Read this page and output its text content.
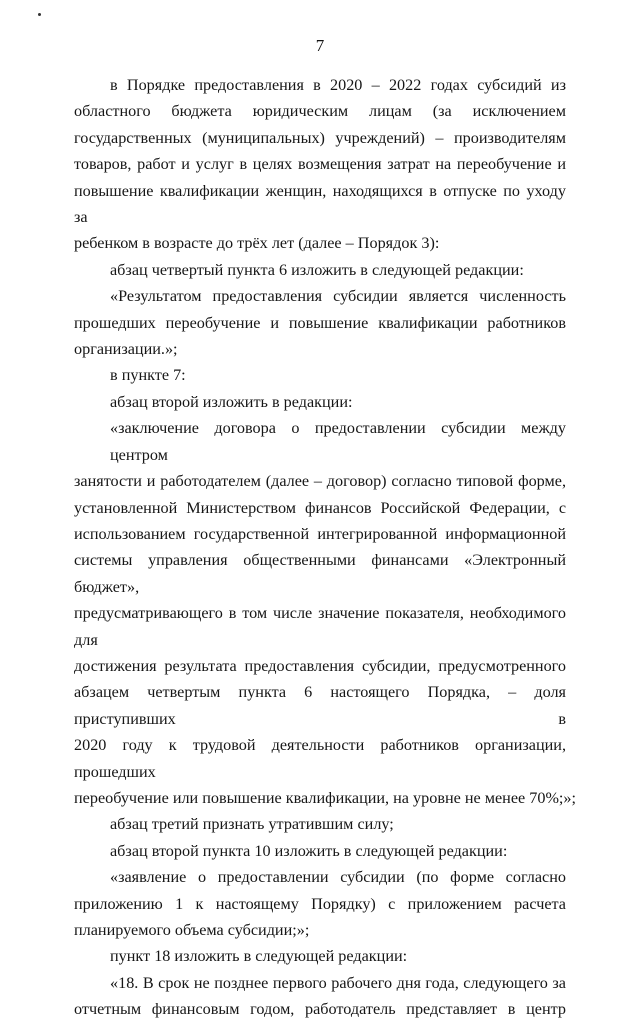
7
в Порядке предоставления в 2020 – 2022 годах субсидий из
областного бюджета юридическим лицам (за исключением
государственных (муниципальных) учреждений) – производителям
товаров, работ и услуг в целях возмещения затрат на переобучение и
повышение квалификации женщин, находящихся в отпуске по уходу за
ребенком в возрасте до трёх лет (далее – Порядок 3):
абзац четвертый пункта 6 изложить в следующей редакции:
«Результатом предоставления субсидии является численность
прошедших переобучение и повышение квалификации работников
организации.»;
в пункте 7:
абзац второй изложить в редакции:
«заключение договора о предоставлении субсидии между центром
занятости и работодателем (далее – договор) согласно типовой форме,
установленной Министерством финансов Российской Федерации, с
использованием государственной интегрированной информационной
системы управления общественными финансами «Электронный бюджет»,
предусматривающего в том числе значение показателя, необходимого для
достижения результата предоставления субсидии, предусмотренного
абзацем четвертым пункта 6 настоящего Порядка, – доля приступивших в
2020 году к трудовой деятельности работников организации, прошедших
переобучение или повышение квалификации, на уровне не менее 70%;»;
абзац третий признать утратившим силу;
абзац второй пункта 10 изложить в следующей редакции:
«заявление о предоставлении субсидии (по форме согласно
приложению 1 к настоящему Порядку) с приложением расчета
планируемого объема субсидии;»;
пункт 18 изложить в следующей редакции:
«18. В срок не позднее первого рабочего дня года, следующего за
отчетным финансовым годом, работодатель представляет в центр
